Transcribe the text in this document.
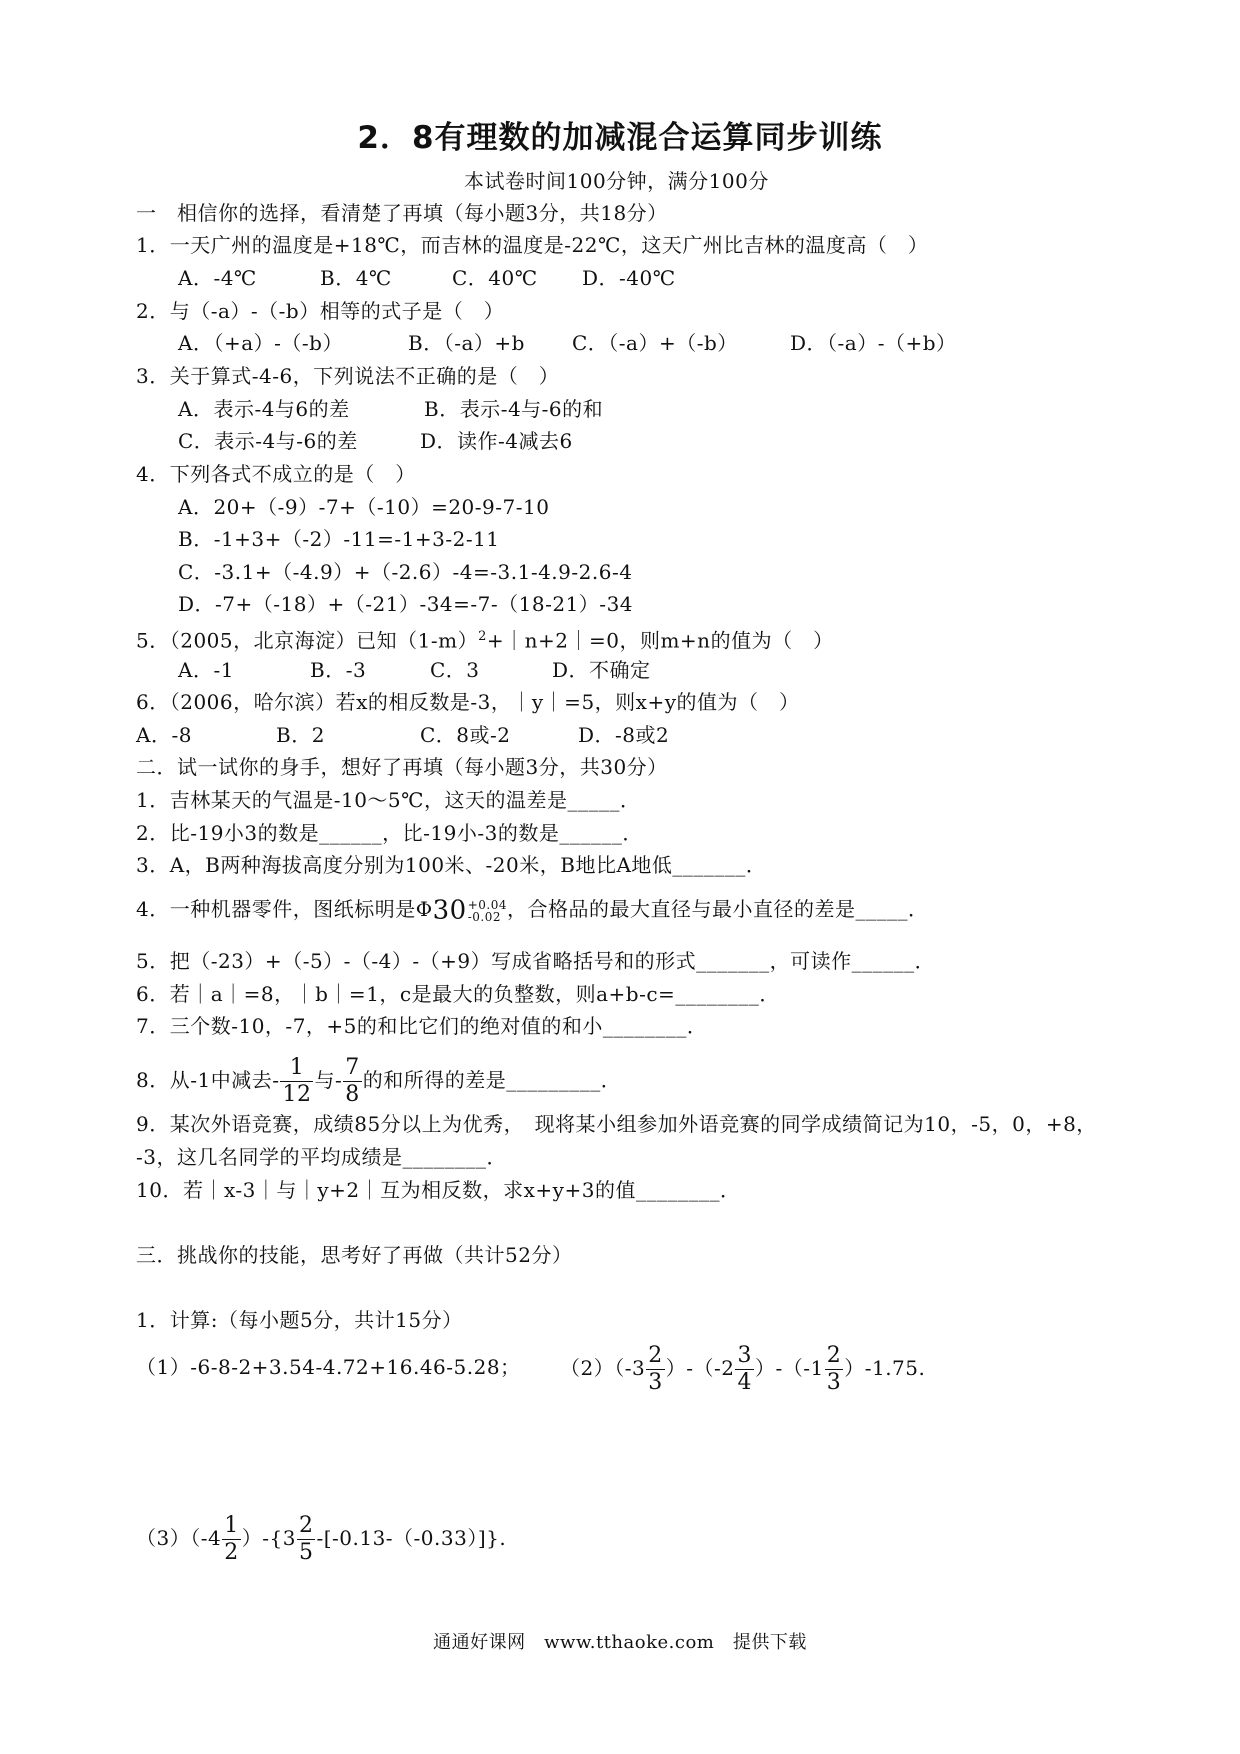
2．8有理数的加减混合运算同步训练
本试卷时间100分钟，满分100分
一　相信你的选择，看清楚了再填（每小题3分，共18分）
1．一天广州的温度是+18℃，而吉林的温度是-22℃，这天广州比吉林的温度高（　）
A．-4℃	B．4℃	C．40℃ D．-40℃
2．与（-a）-（-b）相等的式子是（　）
A．（+a）-（-b）	B．（-a）+b C．（-a）+（-b）	D．（-a）-（+b）
3．关于算式-4-6，下列说法不正确的是（　）
A．表示-4与6的差	B．表示-4与-6的和
C．表示-4与-6的差	D．读作-4减去6
4．下列各式不成立的是（　）
A．20+（-9）-7+（-10）=20-9-7-10
B．-1+3+（-2）-11=-1+3-2-11
C．-3.1+（-4.9）+（-2.6）-4=-3.1-4.9-2.6-4
D．-7+（-18）+（-21）-34=-7-（18-21）-34
5．（2005，北京海淀）已知$(1-m)^2+|n+2|=0$，则m+n的值为（　）
A．-1	B．-3	C．3	D．不确定
6．（2006，哈尔滨）若x的相反数是-3，｜y｜=5，则x+y的值为（　）
A．-8	B．2	C．8或-2	D．-8或2
二．试一试你的身手，想好了再填（每小题3分，共30分）
1．吉林某天的气温是-10～5℃，这天的温差是_____．
2．比-19小3的数是______，比-19小-3的数是______．
3．A，B两种海拔高度分别为100米、-20米，B地比A地低_______．
4．一种机器零件，图纸标明是Φ30 +0.04
-0.02 ，合格品的最大直径与最小直径的差是_____．
5．把（-23）+（-5）-（-4）-（+9）写成省略括号和的形式_______，可读作______．
6．若｜a｜=8，｜b｜=1，c是最大的负整数，则a+b-c=________．
7．三个数-10，-7，+5的和比它们的绝对值的和小________．
8．从-1中减去- $\frac{1}{12}$ 与- $\frac{7}{8}$ 的和所得的差是_________．
9．某次外语竞赛，成绩85分以上为优秀，　现将某小组参加外语竞赛的同学成绩简记为10，-5，0，+8，
-3，这几名同学的平均成绩是________．
10．若｜x-3｜与｜y+2｜互为相反数，求x+y+3的值________．
三．挑战你的技能，思考好了再做（共计52分）
1．计算:（每小题5分，共计15分）
（1）-6-8-2+3.54-4.72+16.46-5.28； $(2)(-3 \frac{2}{3} )-(-2 \frac{3}{4} )-(-1 \frac{2}{3} )-1.75$.
$(3)(-4 \frac{1}{2} )-\{3 \frac{2}{5} -[-0.13-(-0.33)]\}$.
通通好课网　www.tthaoke.com　提供下载
